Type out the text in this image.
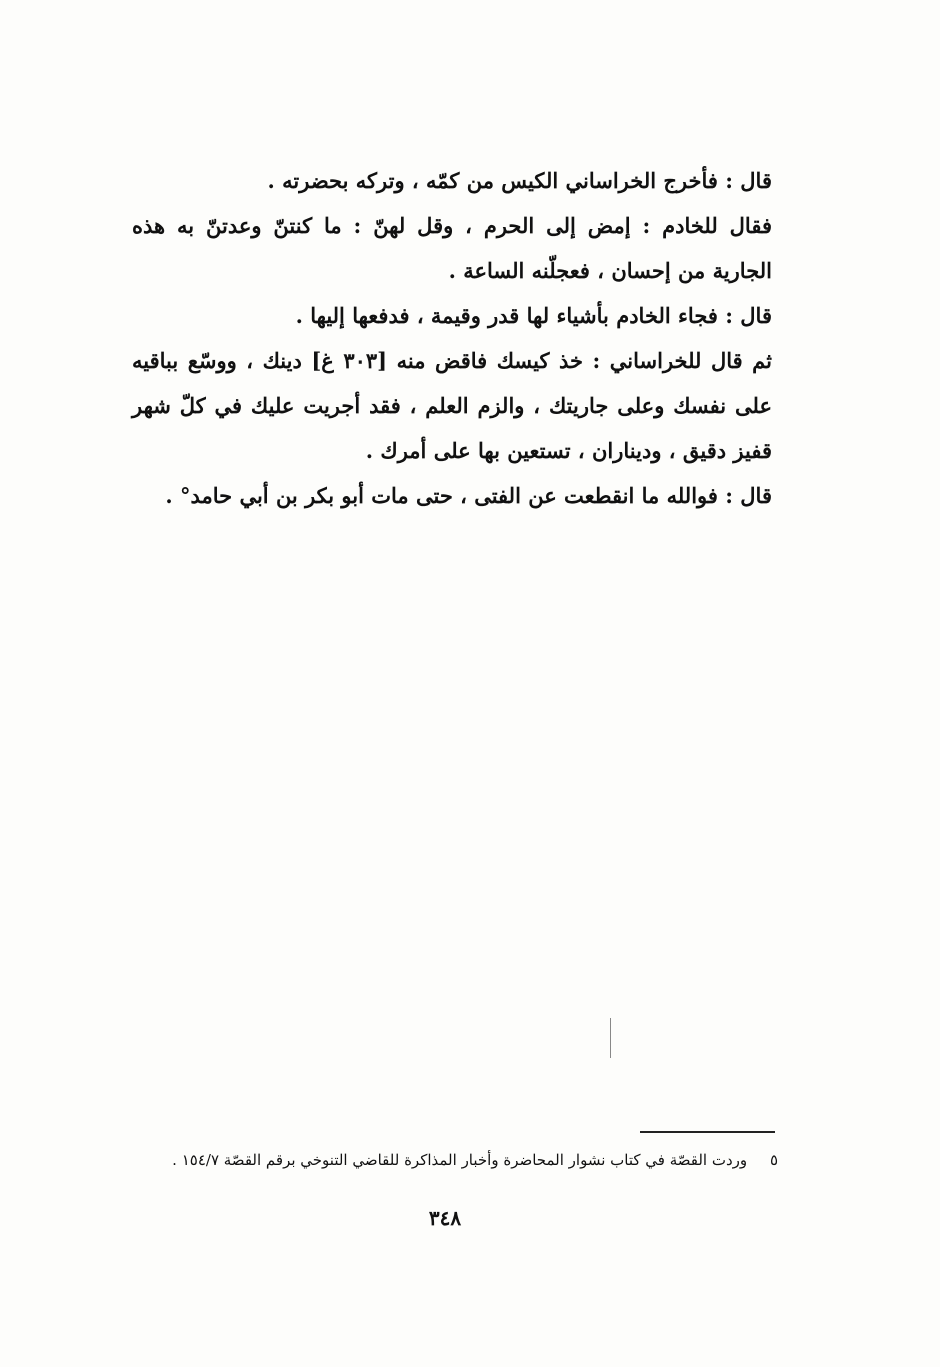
قال : فأخرج الخراساني الكيس من كمّه ، وتركه بحضرته .

فقال للخادم : إمض إلى الحرم ، وقل لهنّ : ما كنتنّ وعدتنّ به هذه الجارية من إحسان ، فعجلّنه الساعة .

قال : فجاء الخادم بأشياء لها قدر وقيمة ، فدفعها إليها .

ثم قال للخراساني : خذ كيسك فاقض منه [٣٠٣ غ] دينك ، ووسّع بباقيه على نفسك وعلى جاريتك ، والزم العلم ، فقد أجريت عليك في كلّ شهر قفيز دقيق ، وديناران ، تستعين بها على أمرك .

قال : فوالله ما انقطعت عن الفتى ، حتى مات أبو بكر بن أبي حامد° .

٥ وردت القصّة في كتاب نشوار المحاضرة وأخبار المذاكرة للقاضي التنوخي برقم القصّة ١٥٤/٧ .
٣٤٨
